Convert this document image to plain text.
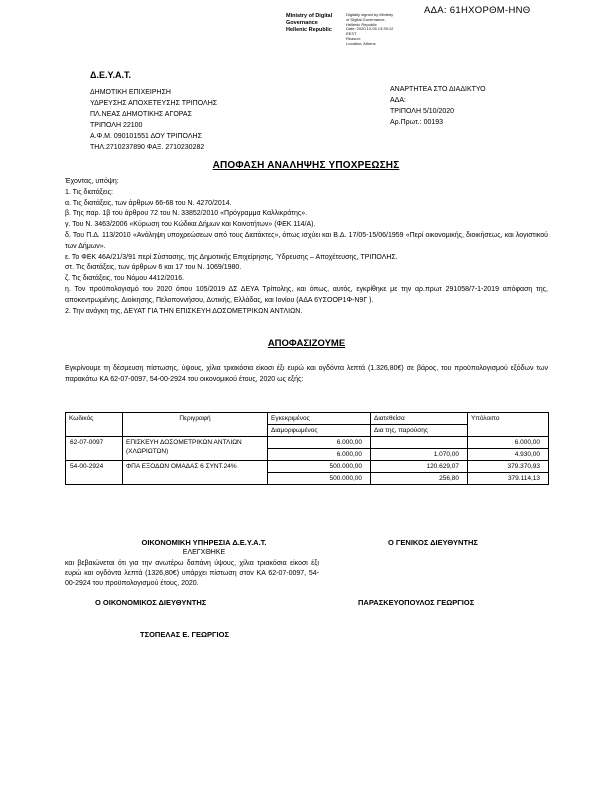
ΑΔΑ: 61ΗΧΟΡΘΜ-ΗΝΘ
Ministry of Digital
Governance
Hellenic Republic
Digitally signed by Ministry
of Digital Governance,
Hellenic Republic
Date: 2020.10.05 13:39:12
EEST
Reason:
Location: Athens
Δ.Ε.Υ.Α.Τ.
ΔΗΜΟΤΙΚΗ ΕΠΙΧΕΙΡΗΣΗ
ΥΔΡΕΥΣΗΣ ΑΠΟΧΕΤΕΥΣΗΣ ΤΡΙΠΟΛΗΣ
ΠΛ.ΝΕΑΣ ΔΗΜΟΤΙΚΗΣ ΑΓΟΡΑΣ
ΤΡΙΠΟΛΗ 22100
Α.Φ.Μ. 090101551 ΔΟΥ ΤΡΙΠΟΛΗΣ
ΤΗΛ.2710237890 ΦΑΞ. 2710230282
ΑΝΑΡΤΗΤΕΑ ΣΤΟ ΔΙΑΔΙΚΤΥΟ
ΑΔΑ:
ΤΡΙΠΟΛΗ 5/10/2020
Αρ.Πρωτ.: 00193
ΑΠΟΦΑΣΗ ΑΝΑΛΗΨΗΣ ΥΠΟΧΡΕΩΣΗΣ

Έχοντας, υπόψη:

1. Τις διατάξεις:

α. Τις διατάξεις, των άρθρων 66-68 του Ν. 4270/2014.

β. Της παρ. 1β του άρθρου 72 του Ν. 33852/2010 «Πρόγραμμα Καλλικράτης».

γ. Του Ν. 3463/2006 «Κύρωση του Κώδικα Δήμων και Κοινοτήτων» (ΦΕΚ 114/Α).

δ. Του Π.Δ. 113/2010 «Ανάληψη υποχρεώσεων από τους Διατάκτες», όπως ισχύει και Β.Δ. 17/05-15/06/1959 «Περί οικονομικής, διοικήσεως, και λογιστικού των Δήμων».

ε. Το ΦΕΚ 46Α/21/3/91 περί Σύστασης, της Δημοτικής Επιχείρησης, Ύδρευσης – Αποχέτευσης, ΤΡΙΠΟΛΗΣ.

στ. Τις διατάξεις, των άρθρων 6 και 17 του Ν. 1069/1980.

ζ. Τις διατάξεις, του Νόμου 4412/2016.

η. Τον προϋπολογισμό του 2020 όπου 105/2019 ΔΣ ΔΕΥΑ Τρίπολης, και όπως, αυτός, εγκρίθηκε με την αρ.πρωτ 291058/7-1-2019 απόφαση της, αποκεντρωμένης, Διοίκησης, Πελοποννήσου, Δυτικής, Ελλάδας, και Ιονίου (ΑΔΑ 6ΥΣΟΟΡ1Φ-Ν9Γ ).

2. Την ανάγκη της, ΔΕΥΑΤ ΓΙΑ ΤΗΝ ΕΠΙΣΚΕΥΗ ΔΟΣΟΜΕΤΡΙΚΩΝ ΑΝΤΛΙΩΝ.

ΑΠΟΦΑΣΙΖΟΥΜΕ

Εγκρίνουμε τη δέσμευση πίστωσης, ύψους, χίλια τριακόσια είκοσι έξι ευρώ και ογδόντα λεπτά (1.326,80€) σε βάρος, του προϋπολογισμού εξόδων των παρακάτω ΚΑ 62-07-0097, 54-00-2924 του οικονομικού έτους, 2020 ως εξής:

Κωδικός	Περιγραφή	Εγκεκριμένος	Διατεθείσα	Υπόλοιπο
		Διαμορφωμένος	Δια της, παρούσης	
62-07-0097	ΕΠΙΣΚΕΥΗ ΔΟΣΟΜΕΤΡΙΚΩΝ ΑΝΤΛΙΩΝ (ΧΛΩΡΙΩΤΩΝ)	6.000,00		6.000,00
		6.000,00	1.070,00	4.930,00
54-00-2924	ΦΠΑ ΕΞΟΔΩΝ ΟΜΑΔΑΣ 6 ΣΥΝΤ.24%	500.000,00	120.629,07	379.370,93
		500.000,00	256,80	379.114,13
ΟΙΚΟΝΟΜΙΚΗ ΥΠΗΡΕΣΙΑ Δ.Ε.Υ.Α.Τ.	Ο ΓΕΝΙΚΟΣ ΔΙΕΥΘΥΝΤΗΣ
ΕΛΕΓΧΘΗΚΕ
και βεβαιώνεται ότι για την ανωτέρω δαπάνη ύψους, χίλια τριακόσια είκοσι έξι ευρώ και ογδόντα λεπτά (1326,80€) υπάρχει πίστωση στον ΚΑ 62-07-0097, 54-00-2924 του προϋπολογισμού έτους, 2020.
Ο ΟΙΚΟΝΟΜΙΚΟΣ ΔΙΕΥΘΥΝΤΗΣ	ΠΑΡΑΣΚΕΥΟΠΟΥΛΟΣ ΓΕΩΡΓΙΟΣ
ΤΣΟΠΕΛΑΣ Ε. ΓΕΩΡΓΙΟΣ
